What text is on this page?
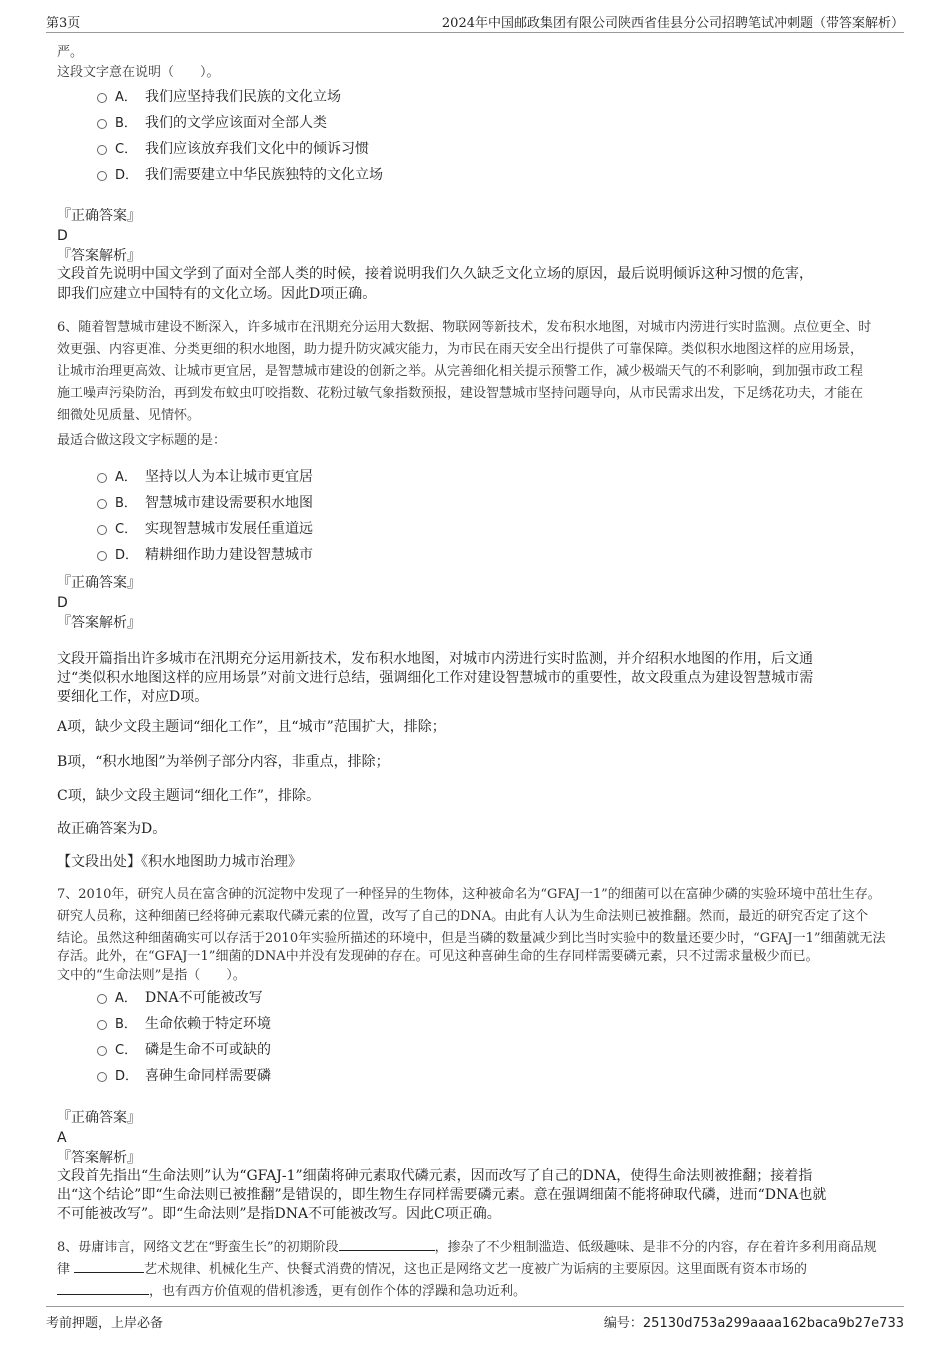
第3页	2024年中国邮政集团有限公司陕西省佳县分公司招聘笔试冲刺题（带答案解析）
严。
这段文字意在说明（　　）。
A． 我们应坚持我们民族的文化立场
B． 我们的文学应该面对全部人类
C． 我们应该放弃我们文化中的倾诉习惯
D． 我们需要建立中华民族独特的文化立场
『正确答案』
D
『答案解析』
文段首先说明中国文学到了面对全部人类的时候，接着说明我们久久缺乏文化立场的原因，最后说明倾诉这种习惯的危害，
即我们应建立中国特有的文化立场。因此D项正确。
6、随着智慧城市建设不断深入，许多城市在汛期充分运用大数据、物联网等新技术，发布积水地图，对城市内涝进行实时监测。点位更全、时
效更强、内容更准、分类更细的积水地图，助力提升防灾减灾能力，为市民在雨天安全出行提供了可靠保障。类似积水地图这样的应用场景，
让城市治理更高效、让城市更宜居，是智慧城市建设的创新之举。从完善细化相关提示预警工作，减少极端天气的不利影响，到加强市政工程
施工噪声污染防治，再到发布蚊虫叮咬指数、花粉过敏气象指数预报，建设智慧城市坚持问题导向，从市民需求出发，下足绣花功夫，才能在
细微处见质量、见情怀。
最适合做这段文字标题的是：
A． 坚持以人为本让城市更宜居
B． 智慧城市建设需要积水地图
C． 实现智慧城市发展任重道远
D． 精耕细作助力建设智慧城市
『正确答案』
D
『答案解析』
文段开篇指出许多城市在汛期充分运用新技术，发布积水地图，对城市内涝进行实时监测，并介绍积水地图的作用，后文通
过“类似积水地图这样的应用场景”对前文进行总结，强调细化工作对建设智慧城市的重要性，故文段重点为建设智慧城市需
要细化工作，对应D项。
A项，缺少文段主题词“细化工作”，且“城市”范围扩大，排除；
B项，“积水地图”为举例子部分内容，非重点，排除；
C项，缺少文段主题词“细化工作”，排除。
故正确答案为D。
【文段出处】《积水地图助力城市治理》
7、2010年，研究人员在富含砷的沉淀物中发现了一种怪异的生物体，这种被命名为“GFAJ一1”的细菌可以在富砷少磷的实验环境中茁壮生存。
研究人员称，这种细菌已经将砷元素取代磷元素的位置，改写了自己的DNA。由此有人认为生命法则已被推翻。然而，最近的研究否定了这个
结论。虽然这种细菌确实可以存活于2010年实验所描述的环境中，但是当磷的数量减少到比当时实验中的数量还要少时，“GFAJ一1”细菌就无法
存活。此外，在“GFAJ一1”细菌的DNA中并没有发现砷的存在。可见这种喜砷生命的生存同样需要磷元素，只不过需求量极少而已。
文中的“生命法则”是指（　　）。
A． DNA不可能被改写
B． 生命依赖于特定环境
C． 磷是生命不可或缺的
D． 喜砷生命同样需要磷
『正确答案』
A
『答案解析』
文段首先指出“生命法则”认为“GFAJ-1”细菌将砷元素取代磷元素，因而改写了自己的DNA，使得生命法则被推翻；接着指
出“这个结论”即“生命法则已被推翻”是错误的，即生物生存同样需要磷元素。意在强调细菌不能将砷取代磷，进而“DNA也就
不可能被改写”。即“生命法则”是指DNA不可能被改写。因此C项正确。
8、毋庸讳言，网络文艺在“野蛮生长”的初期阶段	，掺杂了不少粗制滥造、低级趣味、是非不分的内容，存在着许多利用商品规
律	艺术规律、机械化生产、快餐式消费的情况，这也正是网络文艺一度被广为诟病的主要原因。这里面既有资本市场的
，也有西方价值观的借机渗透，更有创作个体的浮躁和急功近利。
考前押题，上岸必备	编号：25130d753a299aaaa162baca9b27e733
